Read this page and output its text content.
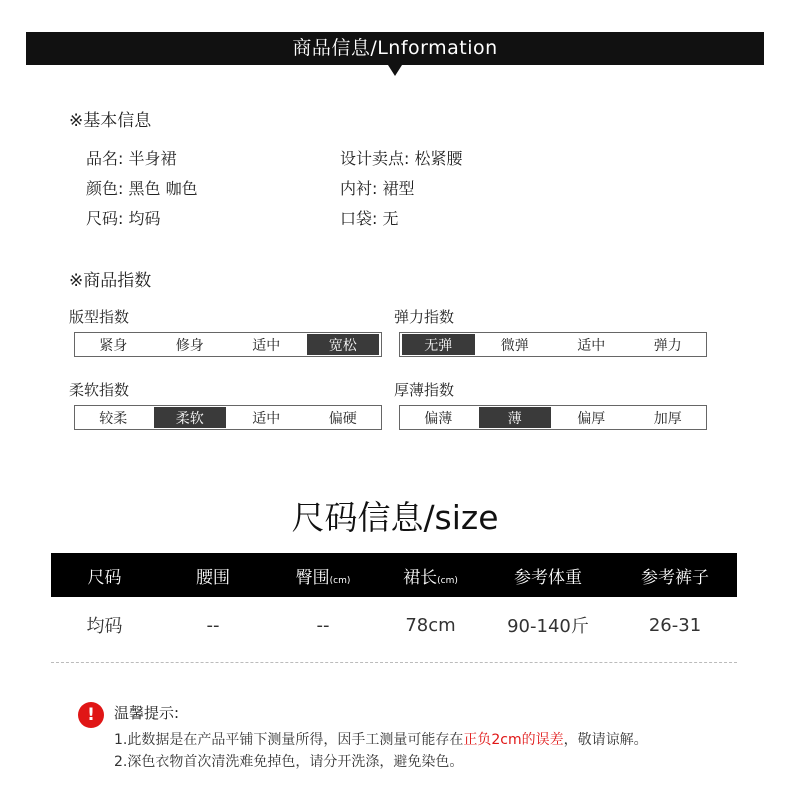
商品信息/Lnformation
※基本信息
品名: 半身裙	设计卖点: 松紧腰
颜色: 黑色 咖色	内衬: 裙型
尺码: 均码	口袋: 无
※商品指数
版型指数
紧身	修身	适中	宽松
弹力指数
无弹	微弹	适中	弹力
柔软指数
较柔	柔软	适中	偏硬
厚薄指数
偏薄	薄	偏厚	加厚
尺码信息/size
尺码	腰围	臀围(cm)	裙长(cm)	参考体重	参考裤子
均码	--	--	78cm	90-140斤	26-31
!	温馨提示:
1.此数据是在产品平铺下测量所得，因手工测量可能存在正负2cm的误差，敬请谅解。
2.深色衣物首次清洗难免掉色，请分开洗涤，避免染色。
